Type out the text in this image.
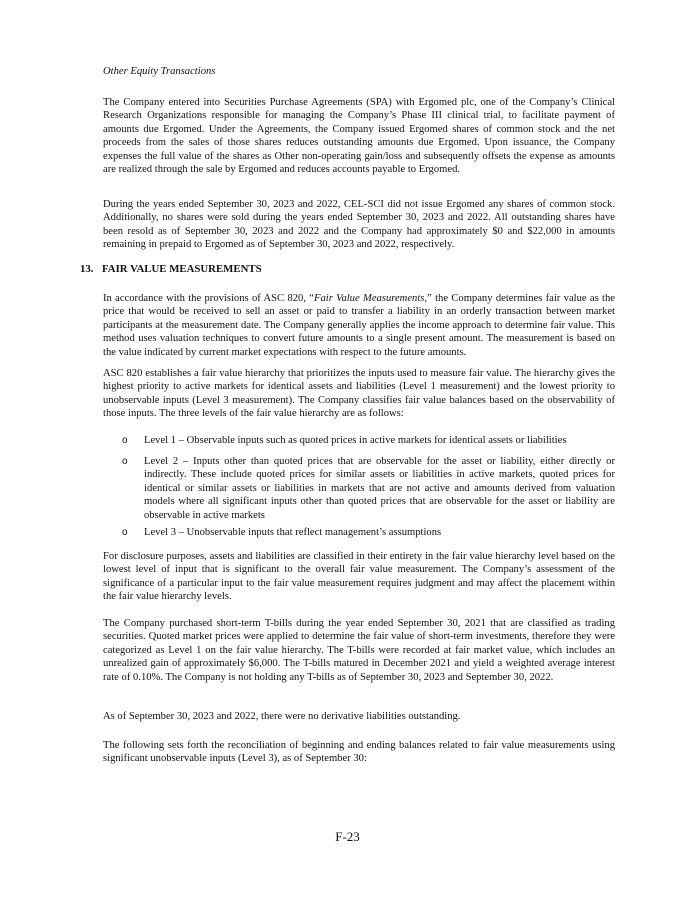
Other Equity Transactions

The Company entered into Securities Purchase Agreements (SPA) with Ergomed plc, one of the Company’s Clinical Research Organizations responsible for managing the Company’s Phase III clinical trial, to facilitate payment of amounts due Ergomed. Under the Agreements, the Company issued Ergomed shares of common stock and the net proceeds from the sales of those shares reduces outstanding amounts due Ergomed. Upon issuance, the Company expenses the full value of the shares as Other non-operating gain/loss and subsequently offsets the expense as amounts are realized through the sale by Ergomed and reduces accounts payable to Ergomed.

During the years ended September 30, 2023 and 2022, CEL-SCI did not issue Ergomed any shares of common stock. Additionally, no shares were sold during the years ended September 30, 2023 and 2022. All outstanding shares have been resold as of September 30, 2023 and 2022 and the Company had approximately $0 and $22,000 in amounts remaining in prepaid to Ergomed as of September 30, 2023 and 2022, respectively.

13. FAIR VALUE MEASUREMENTS

In accordance with the provisions of ASC 820, “Fair Value Measurements,” the Company determines fair value as the price that would be received to sell an asset or paid to transfer a liability in an orderly transaction between market participants at the measurement date. The Company generally applies the income approach to determine fair value. This method uses valuation techniques to convert future amounts to a single present amount. The measurement is based on the value indicated by current market expectations with respect to the future amounts.

ASC 820 establishes a fair value hierarchy that prioritizes the inputs used to measure fair value. The hierarchy gives the highest priority to active markets for identical assets and liabilities (Level 1 measurement) and the lowest priority to unobservable inputs (Level 3 measurement). The Company classifies fair value balances based on the observability of those inputs. The three levels of the fair value hierarchy are as follows:

o Level 1 – Observable inputs such as quoted prices in active markets for identical assets or liabilities
o Level 2 – Inputs other than quoted prices that are observable for the asset or liability, either directly or indirectly. These include quoted prices for similar assets or liabilities in active markets, quoted prices for identical or similar assets or liabilities in markets that are not active and amounts derived from valuation models where all significant inputs other than quoted prices that are observable for the asset or liability are observable in active markets
o Level 3 – Unobservable inputs that reflect management’s assumptions

For disclosure purposes, assets and liabilities are classified in their entirety in the fair value hierarchy level based on the lowest level of input that is significant to the overall fair value measurement. The Company’s assessment of the significance of a particular input to the fair value measurement requires judgment and may affect the placement within the fair value hierarchy levels.

The Company purchased short-term T-bills during the year ended September 30, 2021 that are classified as trading securities. Quoted market prices were applied to determine the fair value of short-term investments, therefore they were categorized as Level 1 on the fair value hierarchy. The T-bills were recorded at fair market value, which includes an unrealized gain of approximately $6,000. The T-bills matured in December 2021 and yield a weighted average interest rate of 0.10%. The Company is not holding any T-bills as of September 30, 2023 and September 30, 2022.

As of September 30, 2023 and 2022, there were no derivative liabilities outstanding.

The following sets forth the reconciliation of beginning and ending balances related to fair value measurements using significant unobservable inputs (Level 3), as of September 30:

F-23
